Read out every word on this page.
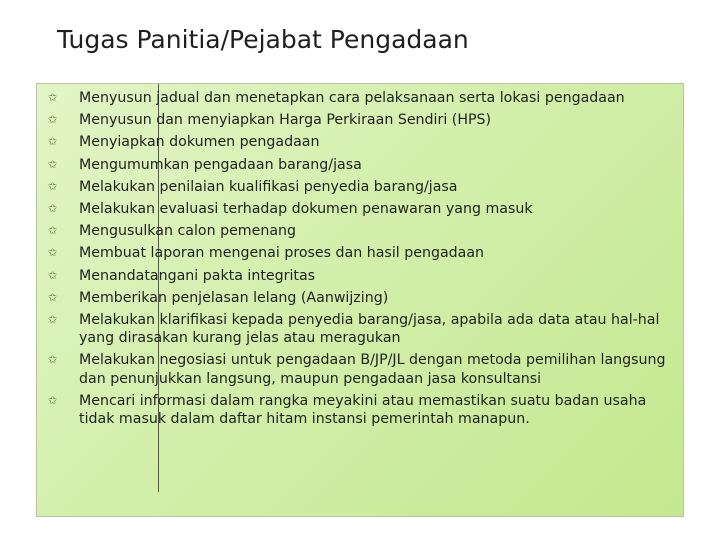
Tugas Panitia/Pejabat Pengadaan
✩ Menyusun jadual dan menetapkan cara pelaksanaan serta lokasi pengadaan
✩ Menyusun dan menyiapkan Harga Perkiraan Sendiri (HPS)
✩ Menyiapkan dokumen pengadaan
✩ Mengumumkan pengadaan barang/jasa
✩ Melakukan penilaian kualifikasi penyedia barang/jasa
✩ Melakukan evaluasi terhadap dokumen penawaran yang masuk
✩ Mengusulkan calon pemenang
✩ Membuat laporan mengenai proses dan hasil pengadaan
✩ Menandatangani pakta integritas
✩ Memberikan penjelasan lelang (Aanwijzing)
✩ Melakukan klarifikasi kepada penyedia barang/jasa, apabila ada data atau hal-hal yang dirasakan kurang jelas atau meragukan
✩ Melakukan negosiasi untuk pengadaan B/JP/JL dengan metoda pemilihan langsung dan penunjukkan langsung, maupun pengadaan jasa konsultansi
✩ Mencari informasi dalam rangka meyakini atau memastikan suatu badan usaha tidak masuk dalam daftar hitam instansi pemerintah manapun.
